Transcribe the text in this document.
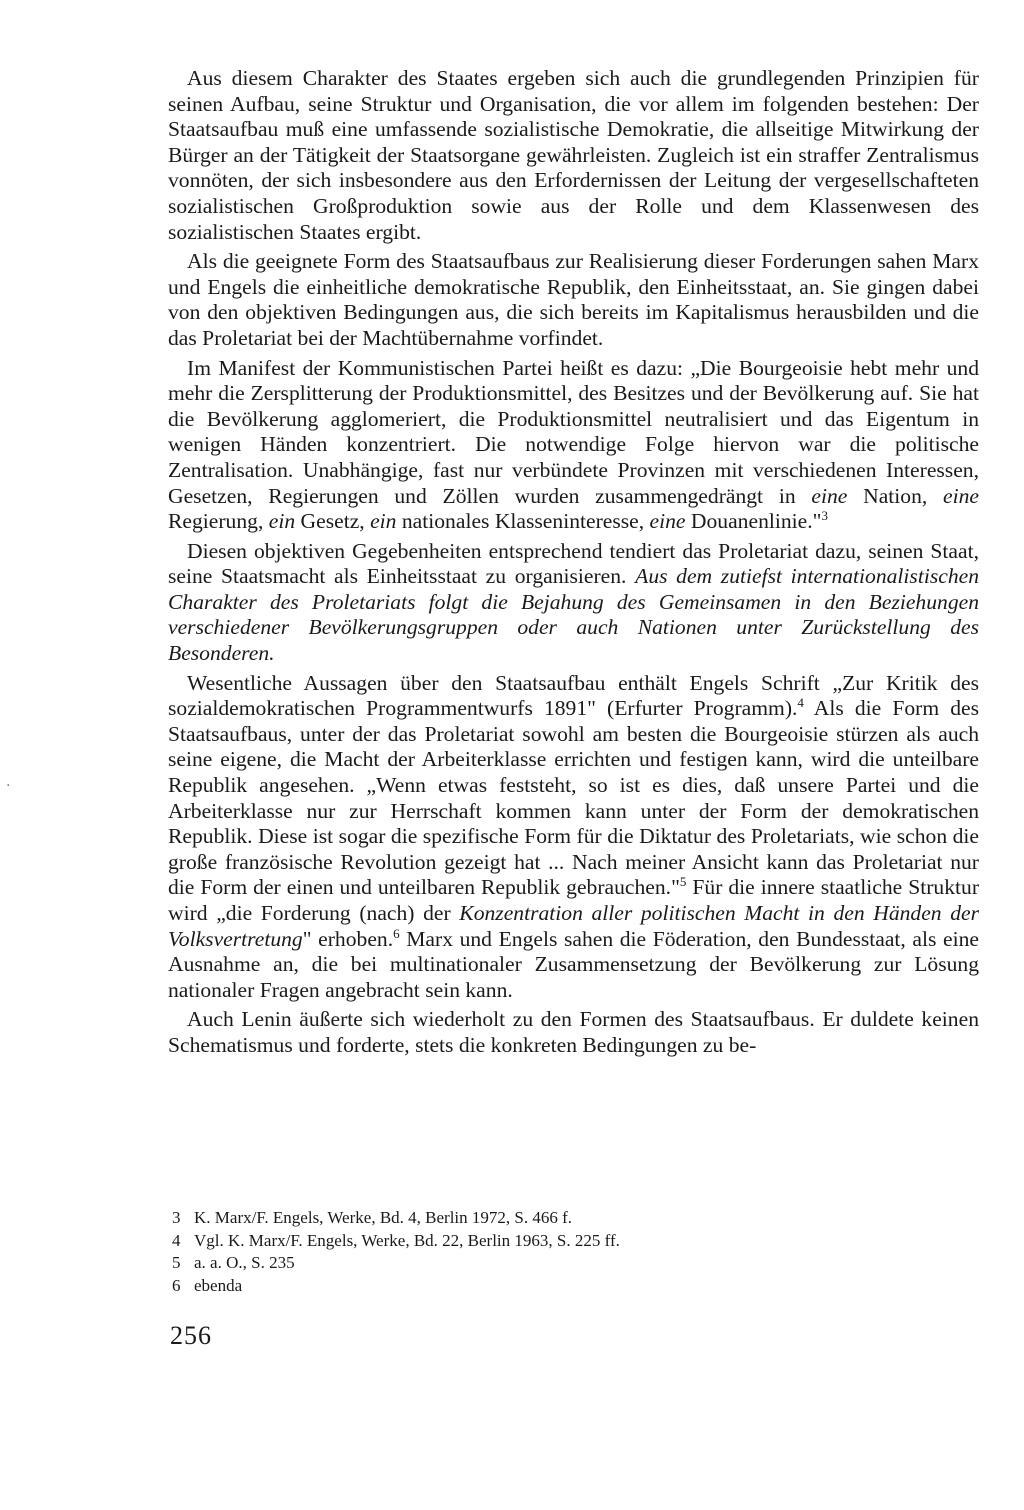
Aus diesem Charakter des Staates ergeben sich auch die grundlegenden Prinzipien für seinen Aufbau, seine Struktur und Organisation, die vor allem im folgenden bestehen: Der Staatsaufbau muß eine umfassende sozialistische Demokratie, die allseitige Mitwirkung der Bürger an der Tätigkeit der Staatsorgane gewährleisten. Zugleich ist ein straffer Zentralismus vonnöten, der sich insbesondere aus den Erfordernissen der Leitung der vergesellschafteten sozialistischen Großproduktion sowie aus der Rolle und dem Klassenwesen des sozialistischen Staates ergibt.

Als die geeignete Form des Staatsaufbaus zur Realisierung dieser Forderungen sahen Marx und Engels die einheitliche demokratische Republik, den Einheitsstaat, an. Sie gingen dabei von den objektiven Bedingungen aus, die sich bereits im Kapitalismus herausbilden und die das Proletariat bei der Machtübernahme vorfindet.

Im Manifest der Kommunistischen Partei heißt es dazu: „Die Bourgeoisie hebt mehr und mehr die Zersplitterung der Produktionsmittel, des Besitzes und der Bevölkerung auf. Sie hat die Bevölkerung agglomeriert, die Produktionsmittel neutralisiert und das Eigentum in wenigen Händen konzentriert. Die notwendige Folge hiervon war die politische Zentralisation. Unabhängige, fast nur verbündete Provinzen mit verschiedenen Interessen, Gesetzen, Regierungen und Zöllen wurden zusammengedrängt in eine Nation, eine Regierung, ein Gesetz, ein nationales Klasseninteresse, eine Douanenlinie."$^3$

Diesen objektiven Gegebenheiten entsprechend tendiert das Proletariat dazu, seinen Staat, seine Staatsmacht als Einheitsstaat zu organisieren. Aus dem zutiefst internationalistischen Charakter des Proletariats folgt die Bejahung des Gemeinsamen in den Beziehungen verschiedener Bevölkerungsgruppen oder auch Nationen unter Zurückstellung des Besonderen.

Wesentliche Aussagen über den Staatsaufbau enthält Engels Schrift „Zur Kritik des sozialdemokratischen Programmentwurfs 1891" (Erfurter Programm).$^4$ Als die Form des Staatsaufbaus, unter der das Proletariat sowohl am besten die Bourgeoisie stürzen als auch seine eigene, die Macht der Arbeiterklasse errichten und festigen kann, wird die unteilbare Republik angesehen. „Wenn etwas feststeht, so ist es dies, daß unsere Partei und die Arbeiterklasse nur zur Herrschaft kommen kann unter der Form der demokratischen Republik. Diese ist sogar die spezifische Form für die Diktatur des Proletariats, wie schon die große französische Revolution gezeigt hat ... Nach meiner Ansicht kann das Proletariat nur die Form der einen und unteilbaren Republik gebrauchen."$^5$ Für die innere staatliche Struktur wird „die Forderung (nach) der Konzentration aller politischen Macht in den Händen der Volksvertretung" erhoben.$^6$ Marx und Engels sahen die Föderation, den Bundesstaat, als eine Ausnahme an, die bei multinationaler Zusammensetzung der Bevölkerung zur Lösung nationaler Fragen angebracht sein kann.

Auch Lenin äußerte sich wiederholt zu den Formen des Staatsaufbaus. Er duldete keinen Schematismus und forderte, stets die konkreten Bedingungen zu be-

3 K. Marx/F. Engels, Werke, Bd. 4, Berlin 1972, S. 466 f.
4 Vgl. K. Marx/F. Engels, Werke, Bd. 22, Berlin 1963, S. 225 ff.
5 a. a. O., S. 235
6 ebenda
256
·
